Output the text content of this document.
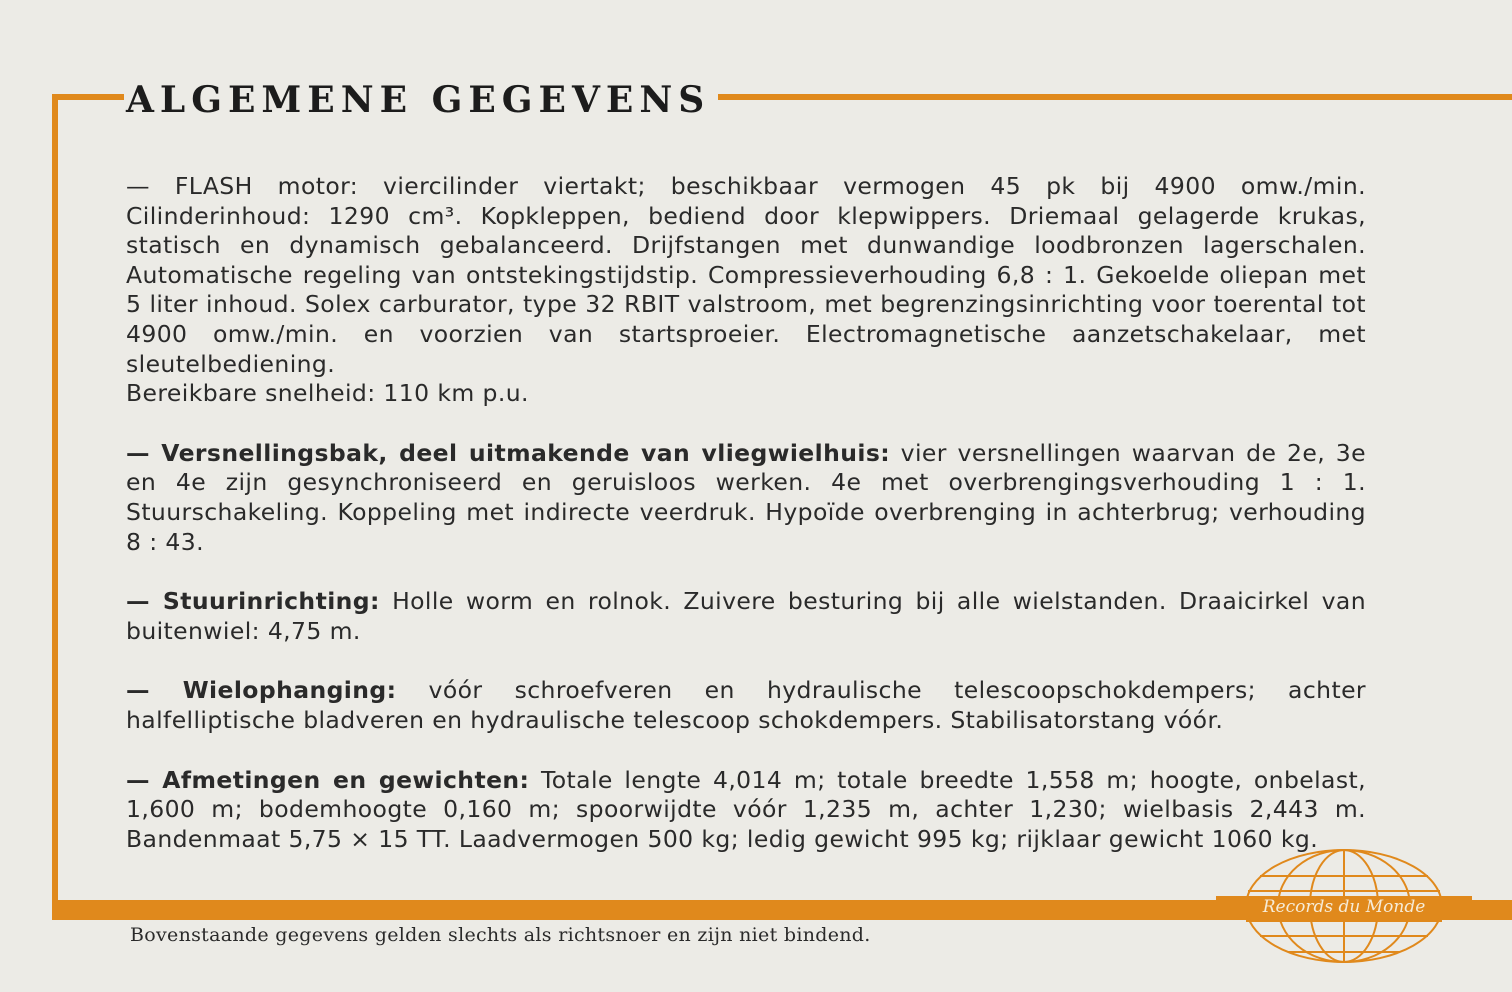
ALGEMENE GEGEVENS

— FLASH motor: viercilinder viertakt; beschikbaar vermogen 45 pk bij 4900 omw./min. Cilinderinhoud: 1290 cm³. Kopkleppen, bediend door klepwippers. Driemaal gelagerde krukas, statisch en dynamisch gebalanceerd. Drijfstangen met dunwandige loodbronzen lagerschalen. Automatische regeling van ontstekingstijdstip. Compressieverhouding 6,8 : 1. Gekoelde oliepan met 5 liter inhoud. Solex carburator, type 32 RBIT valstroom, met begrenzingsinrichting voor toerental tot 4900 omw./min. en voorzien van startsproeier. Electromagnetische aanzetschakelaar, met sleutelbediening.

Bereikbare snelheid: 110 km p.u.

— Versnellingsbak, deel uitmakende van vliegwielhuis: vier versnellingen waarvan de 2e, 3e en 4e zijn gesynchroniseerd en geruisloos werken. 4e met overbrengingsverhouding 1 : 1. Stuurschakeling. Koppeling met indirecte veerdruk. Hypoïde overbrenging in achterbrug; verhouding 8 : 43.

— Stuurinrichting: Holle worm en rolnok. Zuivere besturing bij alle wielstanden. Draaicirkel van buitenwiel: 4,75 m.

— Wielophanging: vóór schroefveren en hydraulische telescoopschokdempers; achter halfelliptische bladveren en hydraulische telescoop schokdempers. Stabilisatorstang vóór.

— Afmetingen en gewichten: Totale lengte 4,014 m; totale breedte 1,558 m; hoogte, onbelast, 1,600 m; bodemhoogte 0,160 m; spoorwijdte vóór 1,235 m, achter 1,230; wielbasis 2,443 m. Bandenmaat 5,75 × 15 TT. Laadvermogen 500 kg; ledig gewicht 995 kg; rijklaar gewicht 1060 kg.

Records du Monde
Bovenstaande gegevens gelden slechts als richtsnoer en zijn niet bindend.
